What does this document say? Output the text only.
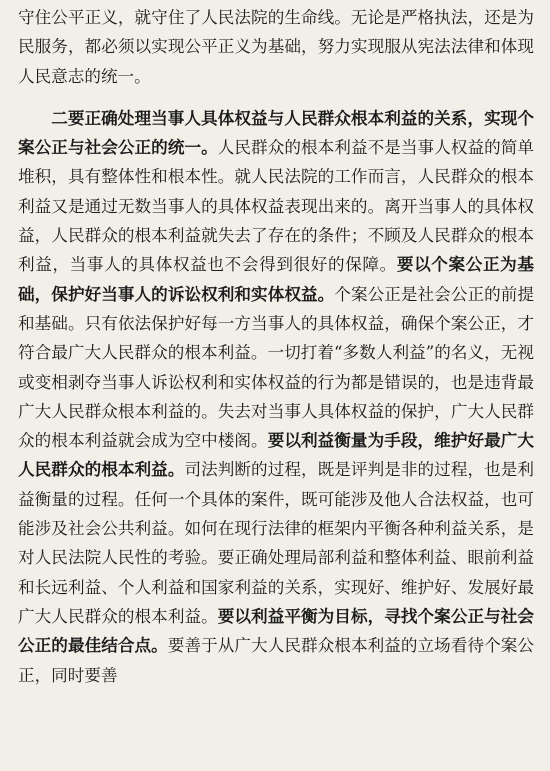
守住公平正义，就守住了人民法院的生命线。无论是严格执法，还是为民服务，都必须以实现公平正义为基础，努力实现服从宪法法律和体现人民意志的统一。

二要正确处理当事人具体权益与人民群众根本利益的关系，实现个案公正与社会公正的统一。人民群众的根本利益不是当事人权益的简单堆积，具有整体性和根本性。就人民法院的工作而言，人民群众的根本利益又是通过无数当事人的具体权益表现出来的。离开当事人的具体权益，人民群众的根本利益就失去了存在的条件；不顾及人民群众的根本利益，当事人的具体权益也不会得到很好的保障。要以个案公正为基础，保护好当事人的诉讼权利和实体权益。个案公正是社会公正的前提和基础。只有依法保护好每一方当事人的具体权益，确保个案公正，才符合最广大人民群众的根本利益。一切打着“多数人利益”的名义，无视或变相剥夺当事人诉讼权利和实体权益的行为都是错误的，也是违背最广大人民群众根本利益的。失去对当事人具体权益的保护，广大人民群众的根本利益就会成为空中楼阁。要以利益衡量为手段，维护好最广大人民群众的根本利益。司法判断的过程，既是评判是非的过程，也是利益衡量的过程。任何一个具体的案件，既可能涉及他人合法权益，也可能涉及社会公共利益。如何在现行法律的框架内平衡各种利益关系，是对人民法院人民性的考验。要正确处理局部利益和整体利益、眼前利益和长远利益、个人利益和国家利益的关系，实现好、维护好、发展好最广大人民群众的根本利益。要以利益平衡为目标，寻找个案公正与社会公正的最佳结合点。要善于从广大人民群众根本利益的立场看待个案公正，同时要善
